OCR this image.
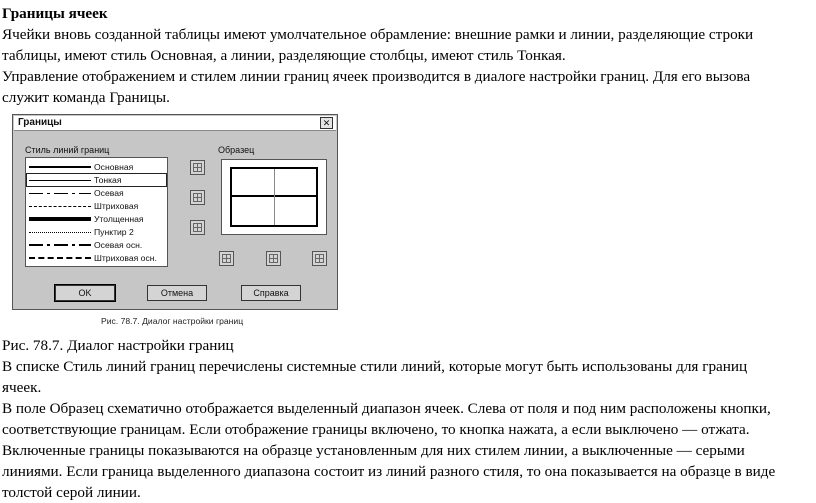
Границы ячеек

Ячейки вновь созданной таблицы имеют умолчательное обрамление: внешние рамки и линии, разделяющие строки

таблицы, имеют стиль Основная, а линии, разделяющие столбцы, имеют стиль Тонкая.

Управление отображением и стилем линии границ ячеек производится в диалоге настройки границ. Для его вызова

служит команда Границы.

Границы	✕
Стиль линий границ	Образец
Основная
Тонкая
Осевая
Штриховая
Утолщенная
Пунктир 2
Осевая осн.
Штриховая осн.
OK	Отмена	Справка
Рис. 78.7. Диалог настройки границ

Рис. 78.7. Диалог настройки границ

В списке Стиль линий границ перечислены системные стили линий, которые могут быть использованы для границ

ячеек.

В поле Образец схематично отображается выделенный диапазон ячеек. Слева от поля и под ним расположены кнопки,

соответствующие границам. Если отображение границы включено, то кнопка нажата, а если выключено — отжата.

Включенные границы показываются на образце установленным для них стилем линии, а выключенные — серыми

линиями. Если граница выделенного диапазона состоит из линий разного стиля, то она показывается на образце в виде

толстой серой линии.
